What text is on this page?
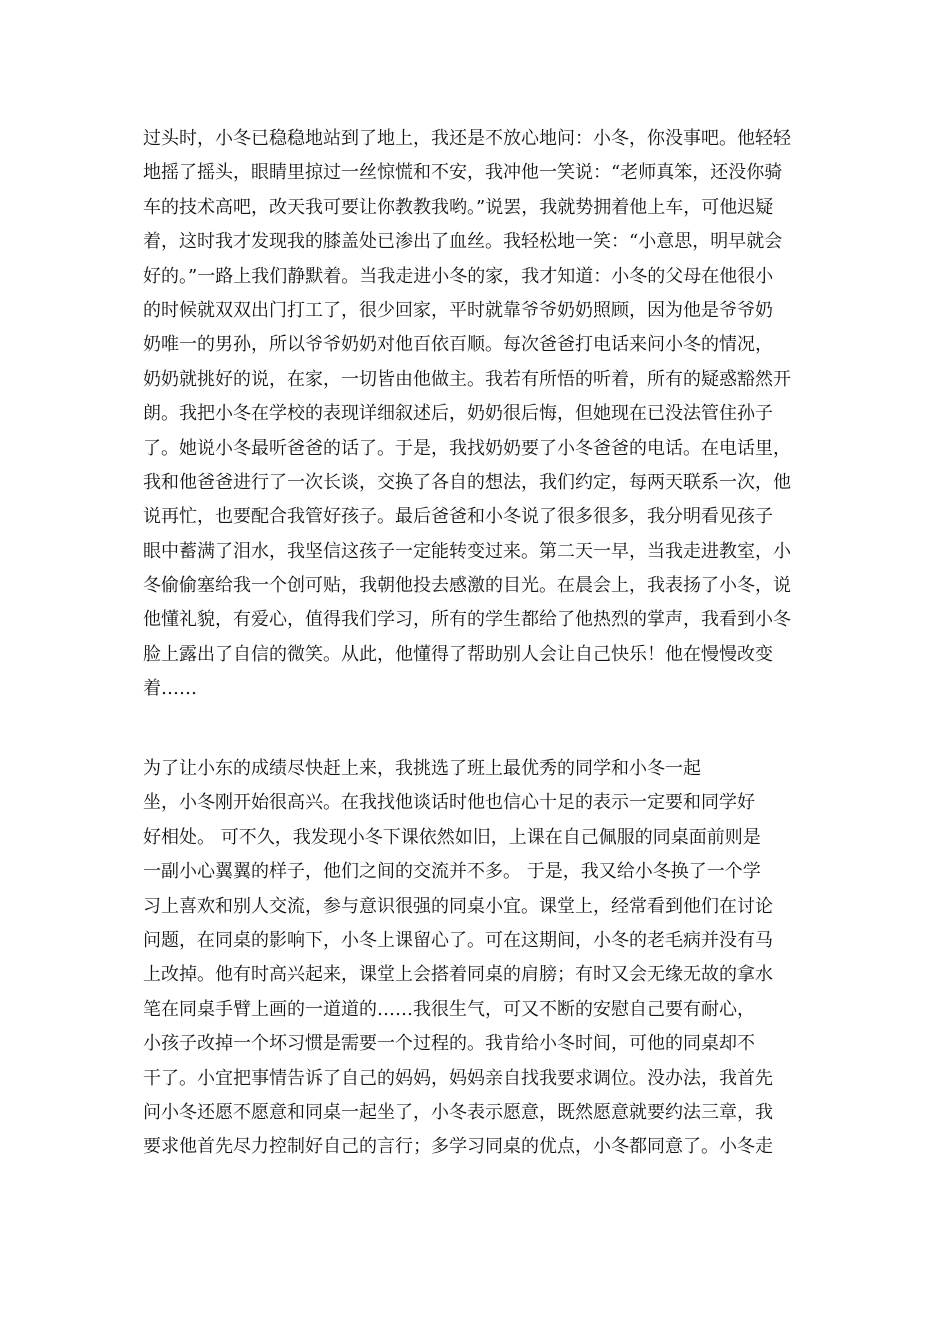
过头时，小冬已稳稳地站到了地上，我还是不放心地问：小冬，你没事吧。他轻轻
地摇了摇头，眼睛里掠过一丝惊慌和不安，我冲他一笑说：“老师真笨，还没你骑
车的技术高吧，改天我可要让你教教我哟。”说罢，我就势拥着他上车，可他迟疑
着，这时我才发现我的膝盖处已渗出了血丝。我轻松地一笑：“小意思，明早就会
好的。”一路上我们静默着。当我走进小冬的家，我才知道：小冬的父母在他很小
的时候就双双出门打工了，很少回家，平时就靠爷爷奶奶照顾，因为他是爷爷奶
奶唯一的男孙，所以爷爷奶奶对他百依百顺。每次爸爸打电话来问小冬的情况，
奶奶就挑好的说，在家，一切皆由他做主。我若有所悟的听着，所有的疑惑豁然开
朗。我把小冬在学校的表现详细叙述后，奶奶很后悔，但她现在已没法管住孙子
了。她说小冬最听爸爸的话了。于是，我找奶奶要了小冬爸爸的电话。在电话里，
我和他爸爸进行了一次长谈，交换了各自的想法，我们约定，每两天联系一次，他
说再忙，也要配合我管好孩子。最后爸爸和小冬说了很多很多，我分明看见孩子
眼中蓄满了泪水，我坚信这孩子一定能转变过来。第二天一早，当我走进教室，小
冬偷偷塞给我一个创可贴，我朝他投去感激的目光。在晨会上，我表扬了小冬，说
他懂礼貌，有爱心，值得我们学习，所有的学生都给了他热烈的掌声，我看到小冬
脸上露出了自信的微笑。从此，他懂得了帮助别人会让自己快乐！他在慢慢改变
着……
为了让小东的成绩尽快赶上来，我挑选了班上最优秀的同学和小冬一起
坐，小冬刚开始很高兴。在我找他谈话时他也信心十足的表示一定要和同学好
好相处。 可不久，我发现小冬下课依然如旧，上课在自己佩服的同桌面前则是
一副小心翼翼的样子，他们之间的交流并不多。 于是，我又给小冬换了一个学
习上喜欢和别人交流，参与意识很强的同桌小宜。课堂上，经常看到他们在讨论
问题，在同桌的影响下，小冬上课留心了。可在这期间，小冬的老毛病并没有马
上改掉。他有时高兴起来，课堂上会搭着同桌的肩膀；有时又会无缘无故的拿水
笔在同桌手臂上画的一道道的……我很生气，可又不断的安慰自己要有耐心，
小孩子改掉一个坏习惯是需要一个过程的。我肯给小冬时间，可他的同桌却不
干了。小宜把事情告诉了自己的妈妈，妈妈亲自找我要求调位。没办法，我首先
问小冬还愿不愿意和同桌一起坐了，小冬表示愿意，既然愿意就要约法三章，我
要求他首先尽力控制好自己的言行；多学习同桌的优点，小冬都同意了。小冬走
